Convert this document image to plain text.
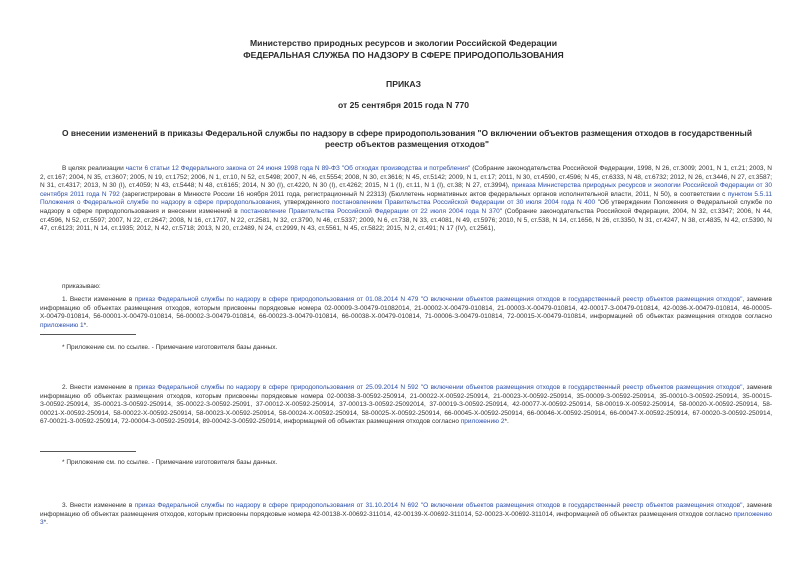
Министерство природных ресурсов и экологии Российской Федерации
ФЕДЕРАЛЬНАЯ СЛУЖБА ПО НАДЗОРУ В СФЕРЕ ПРИРОДОПОЛЬЗОВАНИЯ
ПРИКАЗ
от 25 сентября 2015 года N 770
О внесении изменений в приказы Федеральной службы по надзору в сфере природопользования "О включении объектов размещения отходов в государственный реестр объектов размещения отходов"
В целях реализации части 6 статьи 12 Федерального закона от 24 июня 1998 года N 89-ФЗ "Об отходах производства и потребления" (Собрание законодательства Российской Федерации, 1998, N 26, ст.3009; 2001, N 1, ст.21; 2003, N 2, ст.167; 2004, N 35, ст.3607; 2005, N 19, ст.1752; 2006, N 1, ст.10, N 52, ст.5498; 2007, N 46, ст.5554; 2008, N 30, ст.3616; N 45, ст.5142; 2009, N 1, ст.17; 2011, N 30, ст.4590, ст.4596; N 45, ст.6333, N 48, ст.6732; 2012, N 26, ст.3446, N 27, ст.3587; N 31, ст.4317; 2013, N 30 (I), ст.4059; N 43, ст.5448; N 48, ст.6165; 2014, N 30 (I), ст.4220, N 30 (I), ст.4262; 2015, N 1 (I), ст.11, N 1 (I), ст.38; N 27, ст.3994), приказа Министерства природных ресурсов и экологии Российской Федерации от 30 сентября 2011 года N 792 (зарегистрирован в Минюсте России 16 ноября 2011 года, регистрационный N 22313) (Бюллетень нормативных актов федеральных органов исполнительной власти, 2011, N 50), в соответствии с пунктом 5.5.11 Положения о Федеральной службе по надзору в сфере природопользования, утвержденного постановлением Правительства Российской Федерации от 30 июля 2004 года N 400 "Об утверждении Положения о Федеральной службе по надзору в сфере природопользования и внесении изменений в постановление Правительства Российской Федерации от 22 июля 2004 года N 370" (Собрание законодательства Российской Федерации, 2004, N 32, ст.3347; 2006, N 44, ст.4596, N 52, ст.5597; 2007, N 22, ст.2647; 2008, N 16, ст.1707, N 22, ст.2581, N 32, ст.3790, N 46, ст.5337; 2009, N 6, ст.738, N 33, ст.4081, N 49, ст.5976; 2010, N 5, ст.538, N 14, ст.1656, N 26, ст.3350, N 31, ст.4247, N 38, ст.4835, N 42, ст.5390, N 47, ст.6123; 2011, N 14, ст.1935; 2012, N 42, ст.5718; 2013, N 20, ст.2489, N 24, ст.2999, N 43, ст.5561, N 45, ст.5822; 2015, N 2, ст.491; N 17 (IV), ст.2561),
приказываю:
1. Внести изменение в приказ Федеральной службы по надзору в сфере природопользования от 01.08.2014 N 479 "О включении объектов размещения отходов в государственный реестр объектов размещения отходов", заменив информацию об объектах размещения отходов, которым присвоены порядковые номера 02-00009-З-00479-01082014, 21-00002-Х-00479-010814, 21-00003-Х-00479-010814, 42-00017-З-00479-010814, 42-0036-Х-00479-010814, 46-00005-Х-00479-010814, 56-00001-Х-00479-010814, 56-00002-З-00479-010814, 66-00023-З-00479-010814, 66-00038-Х-00479-010814, 71-00006-З-00479-010814, 72-00015-Х-00479-010814, информацией об объектах размещения отходов согласно приложению 1*.
* Приложение см. по ссылке. - Примечание изготовителя базы данных.
2. Внести изменение в приказ Федеральной службы по надзору в сфере природопользования от 25.09.2014 N 592 "О включении объектов размещения отходов в государственный реестр объектов размещения отходов", заменив информацию об объектах размещения отходов, которым присвоены порядковые номера 02-00038-З-00592-250914, 21-00022-Х-00592-250914, 21-00023-Х-00592-250914, 35-00009-З-00592-250914, 35-00010-З-00592-250914, 35-00015-З-00592-250914, 35-00021-З-00592-250914, 35-00022-З-00592-25091, 37-00012-Х-00592-250914, 37-00013-З-00592-25092014, 37-00019-З-00592-250914, 42-00077-Х-00592-250914, 58-00019-Х-00592-250914, 58-00020-Х-00592-250914, 58-00021-Х-00592-250914, 58-00022-Х-00592-250914, 58-00023-Х-00592-250914, 58-00024-Х-00592-250914, 58-00025-Х-00592-250914, 66-00045-Х-00592-250914, 66-00046-Х-00592-250914, 66-00047-Х-00592-250914, 67-00020-З-00592-250914, 67-00021-З-00592-250914, 72-00004-З-00592-250914, 89-00042-З-00592-250914, информацией об объектах размещения отходов согласно приложению 2*.
* Приложение см. по ссылке. - Примечание изготовителя базы данных.
3. Внести изменение в приказ Федеральной службы по надзору в сфере природопользования от 31.10.2014 N 692 "О включении объектов размещения отходов в государственный реестр объектов размещения отходов", заменив информацию об объектах размещения отходов, которым присвоены порядковые номера 42-00138-Х-00692-311014, 42-00139-Х-00692-311014, 52-00023-Х-00692-311014, информацией об объектах размещения отходов согласно приложению 3*.
